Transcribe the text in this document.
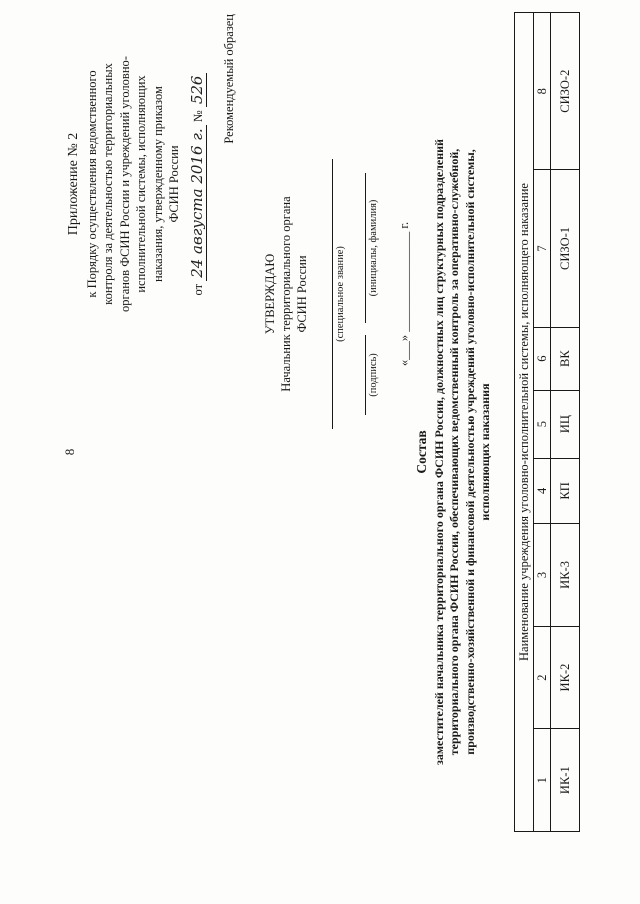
8
Приложение № 2 к Порядку осуществления ведомственного контроля за деятельностью территориальных органов ФСИН России и учреждений уголовно- исполнительной системы, исполняющих наказания, утвержденному приказом ФСИН России
от 24 августа 2016 г. № 526 Рекомендуемый образец
УТВЕРЖДАЮ Начальник территориального органа ФСИН России (специальное звание)
(подпись)
(инициалы, фамилия) «___» ________________ г.
Состав заместителей начальника территориального органа ФСИН России, должностных лиц структурных подразделений территориального органа ФСИН России, обеспечивающих ведомственный контроль за оперативно-служебной, производственно-хозяйственной и финансовой деятельностью учреждений уголовно-исполнительной системы, исполняющих наказания Наименование учреждения уголовно-исполнительной системы, исполняющего наказание							
1	2	3	4	5	6	7	8
ИК-1	ИК-2	ИК-3	КП	ИЦ	ВК	СИЗО-1	СИЗО-2
